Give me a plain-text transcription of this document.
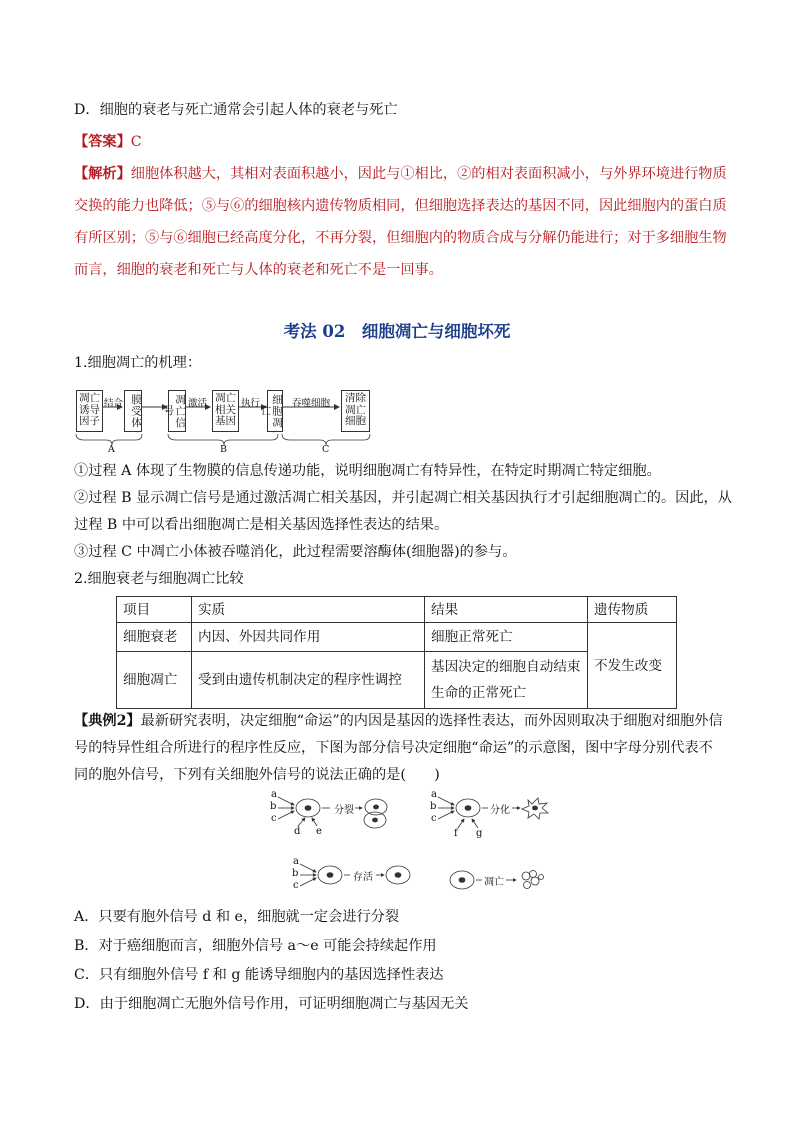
D．细胞的衰老与死亡通常会引起人体的衰老与死亡
【答案】C
【解析】细胞体积越大，其相对表面积越小，因此与①相比，②的相对表面积减小，与外界环境进行物质
交换的能力也降低；⑤与⑥的细胞核内遗传物质相同，但细胞选择表达的基因不同，因此细胞内的蛋白质
有所区别；⑤与⑥细胞已经高度分化，不再分裂，但细胞内的物质合成与分解仍能进行；对于多细胞生物
而言，细胞的衰老和死亡与人体的衰老和死亡不是一回事。
考法 02　细胞凋亡与细胞坏死
1.细胞凋亡的机理：
凋亡诱导因子
结合 膜受体	凋亡信号
激活 凋亡相关基因
执行	细胞凋亡
吞噬细胞	清除凋亡细胞
A	B	C
①过程 A 体现了生物膜的信息传递功能，说明细胞凋亡有特异性，在特定时期凋亡特定细胞。
②过程 B 显示凋亡信号是通过激活凋亡相关基因，并引起凋亡相关基因执行才引起细胞凋亡的。因此，从
过程 B 中可以看出细胞凋亡是相关基因选择性表达的结果。
③过程 C 中凋亡小体被吞噬消化，此过程需要溶酶体(细胞器)的参与。
2.细胞衰老与细胞凋亡比较
项目	实质	结果	遗传物质
细胞衰老	内因、外因共同作用	细胞正常死亡	不发生改变
细胞凋亡	受到由遗传机制决定的程序性调控	基因决定的细胞自动结束生命的正常死亡	
【典例2】最新研究表明，决定细胞“命运”的内因是基因的选择性表达，而外因则取决于细胞对细胞外信
号的特异性组合所进行的程序性反应，下图为部分信号决定细胞“命运”的示意图，图中字母分别代表不
同的胞外信号，下列有关细胞外信号的说法正确的是(　　)
a
b
c
d e
分裂
a
b
c
f g
分化
a
b
c
存活	凋亡
A．只要有胞外信号 d 和 e，细胞就一定会进行分裂
B．对于癌细胞而言，细胞外信号 a～e 可能会持续起作用
C．只有细胞外信号 f 和 g 能诱导细胞内的基因选择性表达
D．由于细胞凋亡无胞外信号作用，可证明细胞凋亡与基因无关
